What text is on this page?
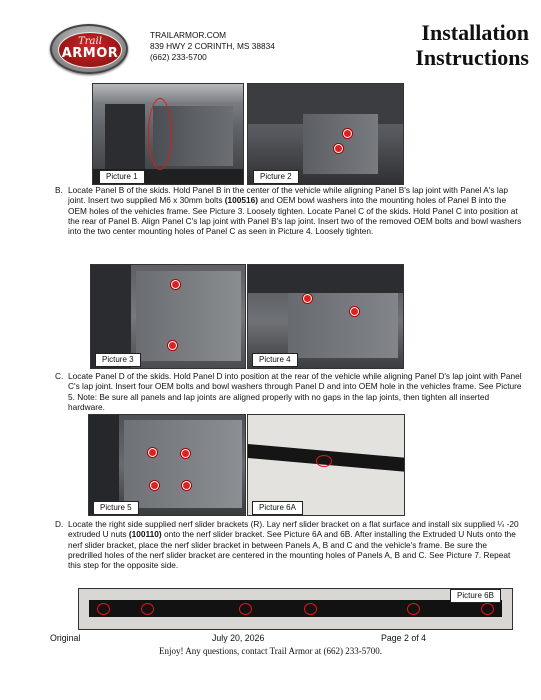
Trail
ARMOR
TRAILARMOR.COM
839 HWY 2 CORINTH, MS 38834
(662) 233-5700
Installation
Instructions
Picture 1	Picture 2
B. Locate Panel B of the skids. Hold Panel B in the center of the vehicle while aligning Panel B's lap joint with Panel A's lap joint. Insert two supplied M6 x 30mm bolts (100516) and OEM bowl washers into the mounting holes of Panel B into the OEM holes of the vehicles frame. See Picture 3. Loosely tighten. Locate Panel C of the skids. Hold Panel C into position at the rear of Panel B. Align Panel C's lap joint with Panel B's lap joint. Insert two of the removed OEM bolts and bowl washers into the two center mounting holes of Panel C as seen in Picture 4. Loosely tighten.
Picture 3	Picture 4
C. Locate Panel D of the skids. Hold Panel D into position at the rear of the vehicle while aligning Panel D's lap joint with Panel C's lap joint. Insert four OEM bolts and bowl washers through Panel D and into OEM hole in the vehicles frame. See Picture 5. Note: Be sure all panels and lap joints are aligned properly with no gaps in the lap joints, then tighten all inserted hardware.
Picture 5	Picture 6A
D. Locate the right side supplied nerf slider brackets (R). Lay nerf slider bracket on a flat surface and install six supplied ¼ -20 extruded U nuts (100110) onto the nerf slider bracket. See Picture 6A and 6B. After installing the Extruded U Nuts onto the nerf slider bracket, place the nerf slider bracket in between Panels A, B and C and the vehicle's frame. Be sure the predrilled holes of the nerf slider bracket are centered in the mounting holes of Panels A, B and C. See Picture 7. Repeat this step for the opposite side.
Picture 6B
Original	July 20, 2026	Page 2 of 4
Enjoy! Any questions, contact Trail Armor at (662) 233-5700.
